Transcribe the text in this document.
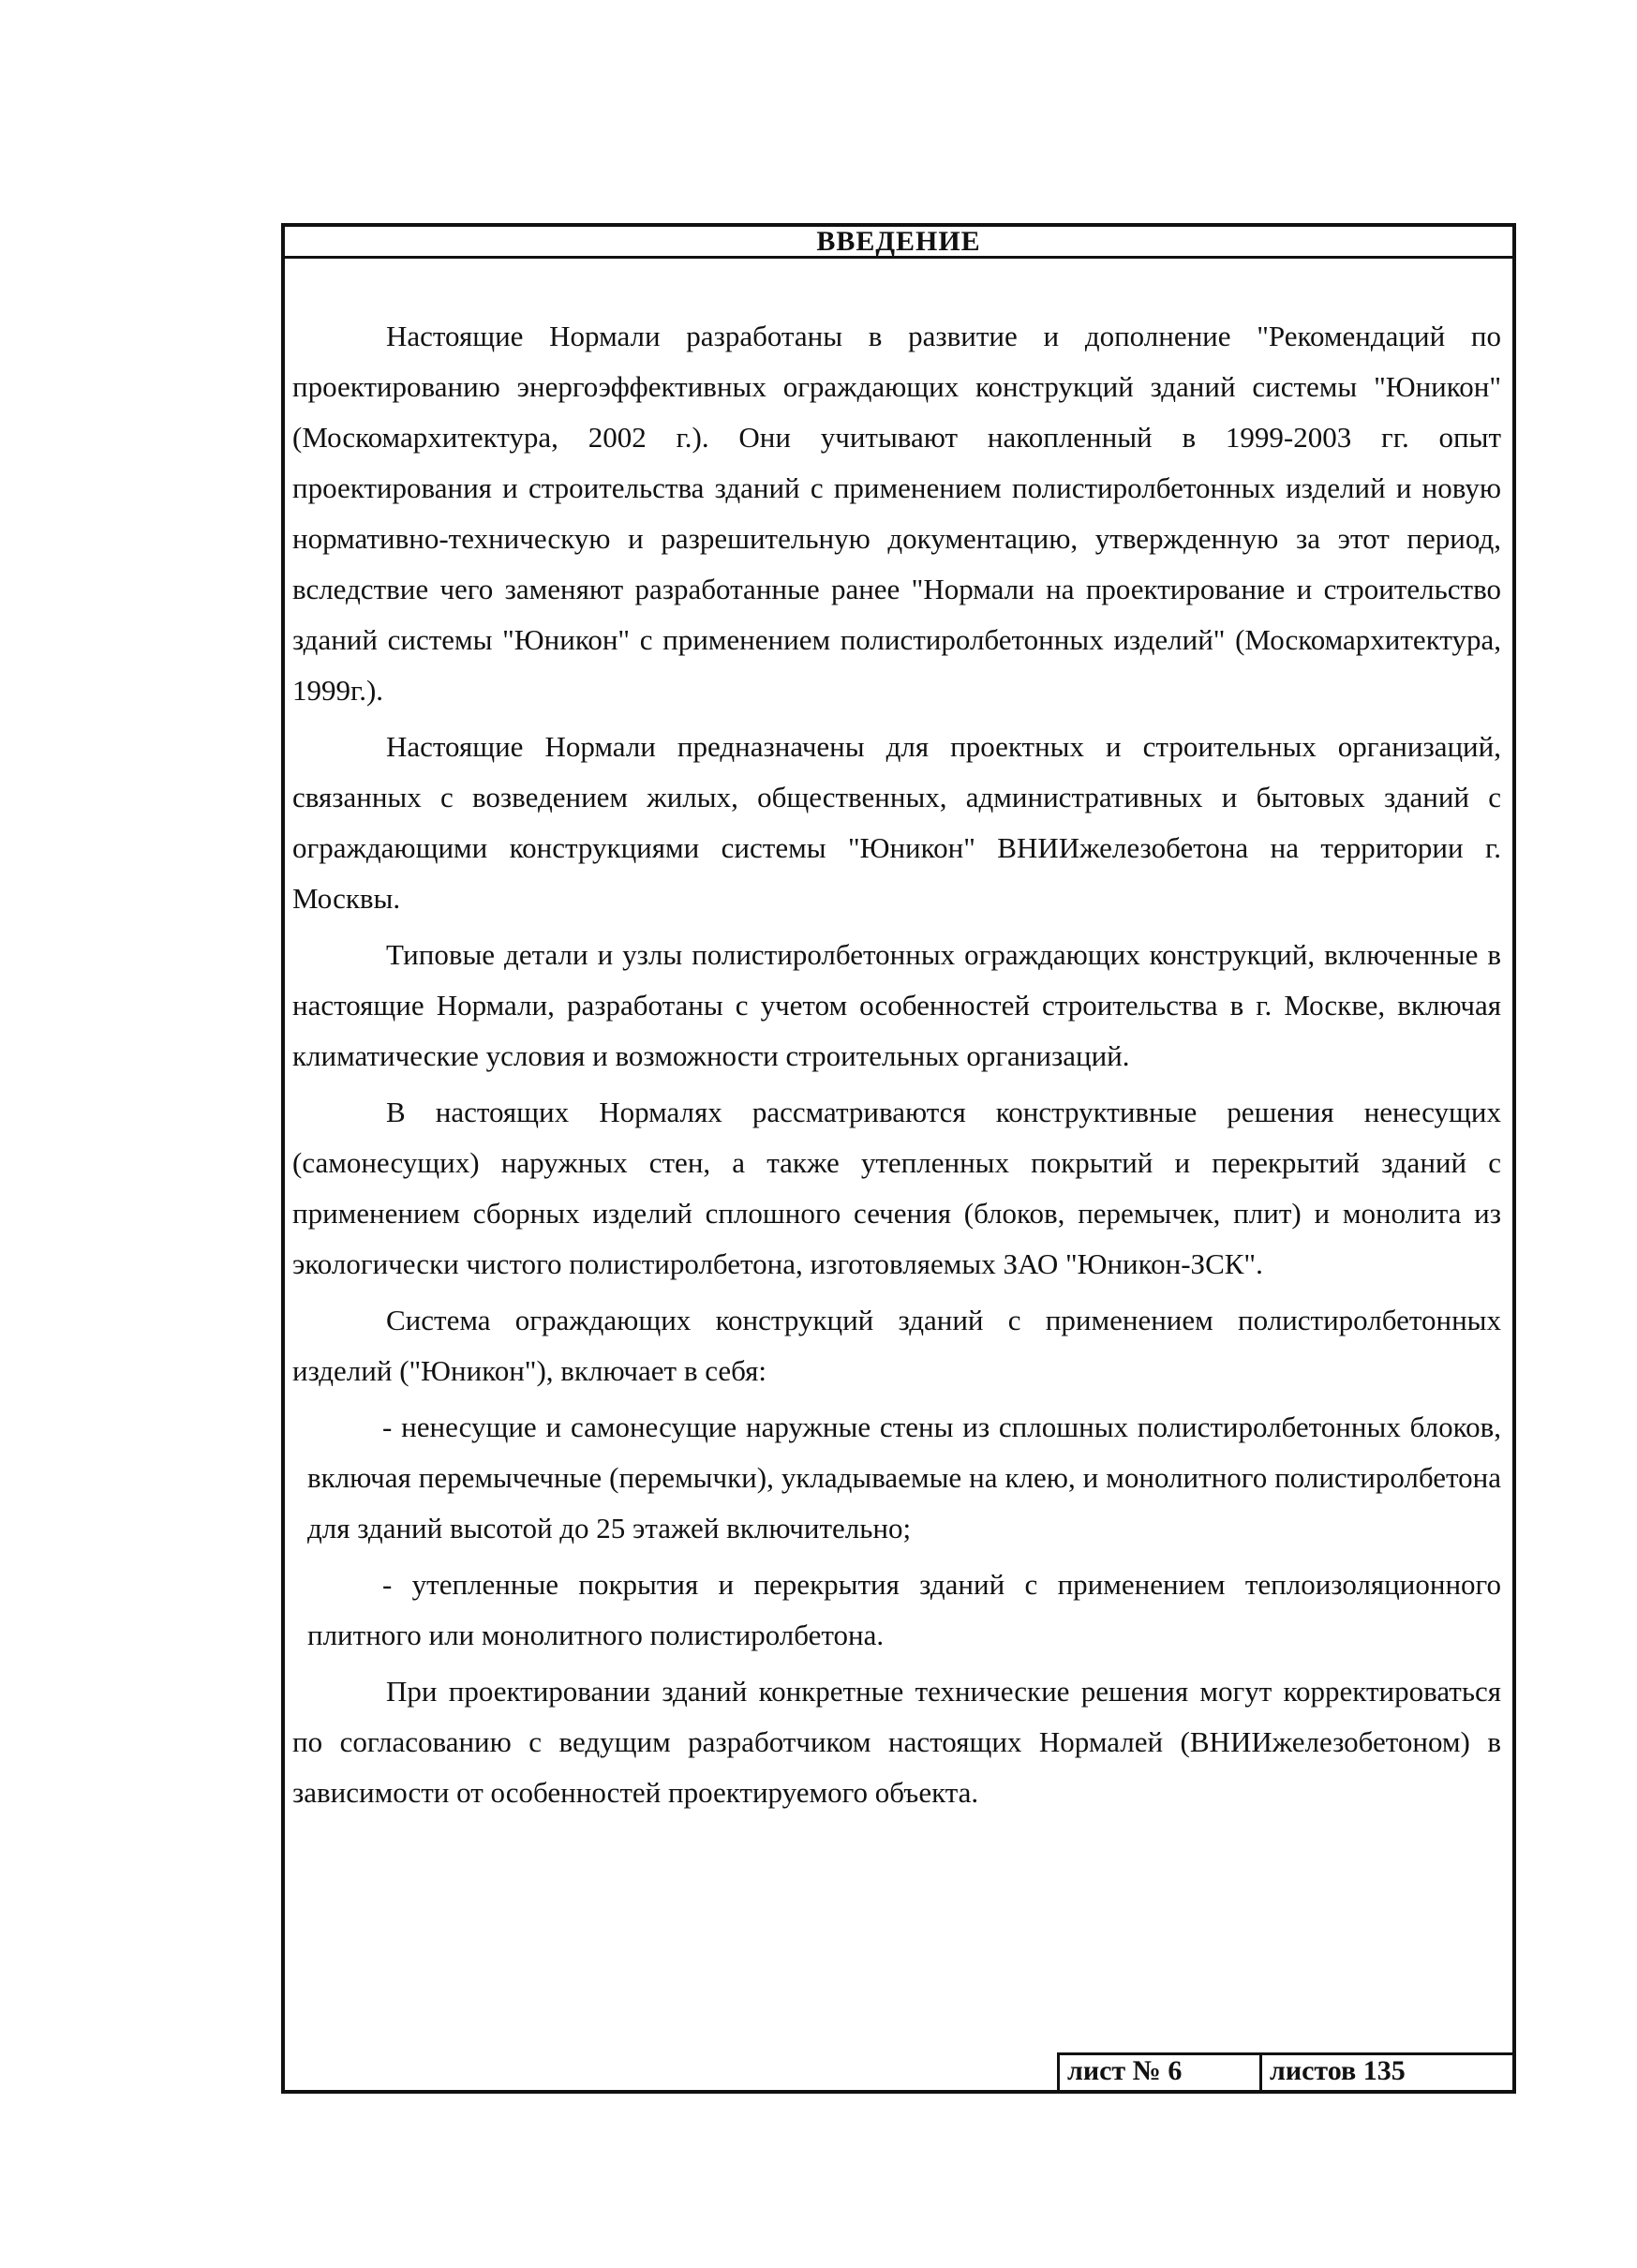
ВВЕДЕНИЕ

Настоящие Нормали разработаны в развитие и дополнение "Рекомендаций по проектированию энергоэффективных ограждающих конструкций зданий системы "Юникон" (Москомархитектура, 2002 г.). Они учитывают накопленный в 1999-2003 гг. опыт проектирования и строительства зданий с применением полистиролбетонных изделий и новую нормативно-техническую и разрешительную документацию, утвержденную за этот период, вследствие чего заменяют разработанные ранее "Нормали на проектирование и строительство зданий системы "Юникон" с применением полистиролбетонных изделий" (Москомархитектура, 1999г.).

Настоящие Нормали предназначены для проектных и строительных организаций, связанных с возведением жилых, общественных, административных и бытовых зданий с ограждающими конструкциями системы "Юникон" ВНИИжелезобетона на территории г. Москвы.

Типовые детали и узлы полистиролбетонных ограждающих конструкций, включенные в настоящие Нормали, разработаны с учетом особенностей строительства в г. Москве, включая климатические условия и возможности строительных организаций.

В настоящих Нормалях рассматриваются конструктивные решения ненесущих (самонесущих) наружных стен, а также утепленных покрытий и перекрытий зданий с применением сборных изделий сплошного сечения (блоков, перемычек, плит) и монолита из экологически чистого полистиролбетона, изготовляемых ЗАО "Юникон-ЗСК".

Система ограждающих конструкций зданий с применением полистиролбетонных изделий ("Юникон"), включает в себя:

- ненесущие и самонесущие наружные стены из сплошных полистиролбетонных блоков, включая перемычечные (перемычки), укладываемые на клею, и монолитного полистиролбетона для зданий высотой до 25 этажей включительно;

- утепленные покрытия и перекрытия зданий с применением теплоизоляционного плитного или монолитного полистиролбетона.

При проектировании зданий конкретные технические решения могут корректироваться по согласованию с ведущим разработчиком настоящих Нормалей (ВНИИжелезобетоном) в зависимости от особенностей проектируемого объекта.

лист № 6	листов 135
